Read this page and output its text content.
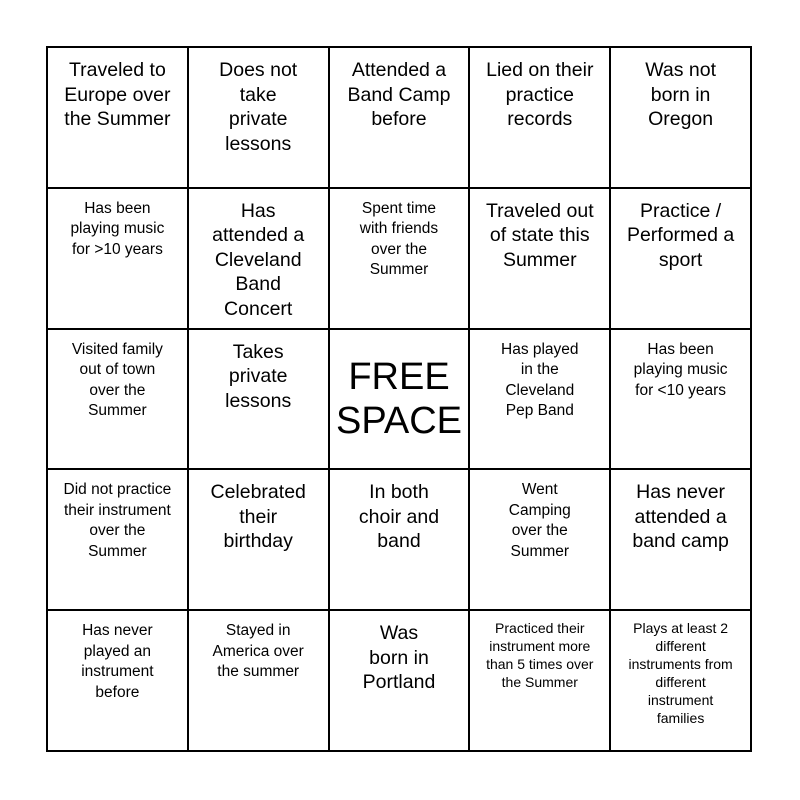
Traveled to Europe over the Summer
Does not take private lessons
Attended a Band Camp before
Lied on their practice records
Was not born in Oregon
Has been playing music for >10 years
Has attended a Cleveland Band Concert
Spent time with friends over the Summer
Traveled out of state this Summer
Practice / Performed a sport
Visited family out of town over the Summer
Takes private lessons
FREE SPACE
Has played in the Cleveland Pep Band
Has been playing music for <10 years
Did not practice their instrument over the Summer
Celebrated their birthday
In both choir and band
Went Camping over the Summer
Has never attended a band camp
Has never played an instrument before
Stayed in America over the summer
Was born in Portland
Practiced their instrument more than 5 times over the Summer
Plays at least 2 different instruments from different instrument families
